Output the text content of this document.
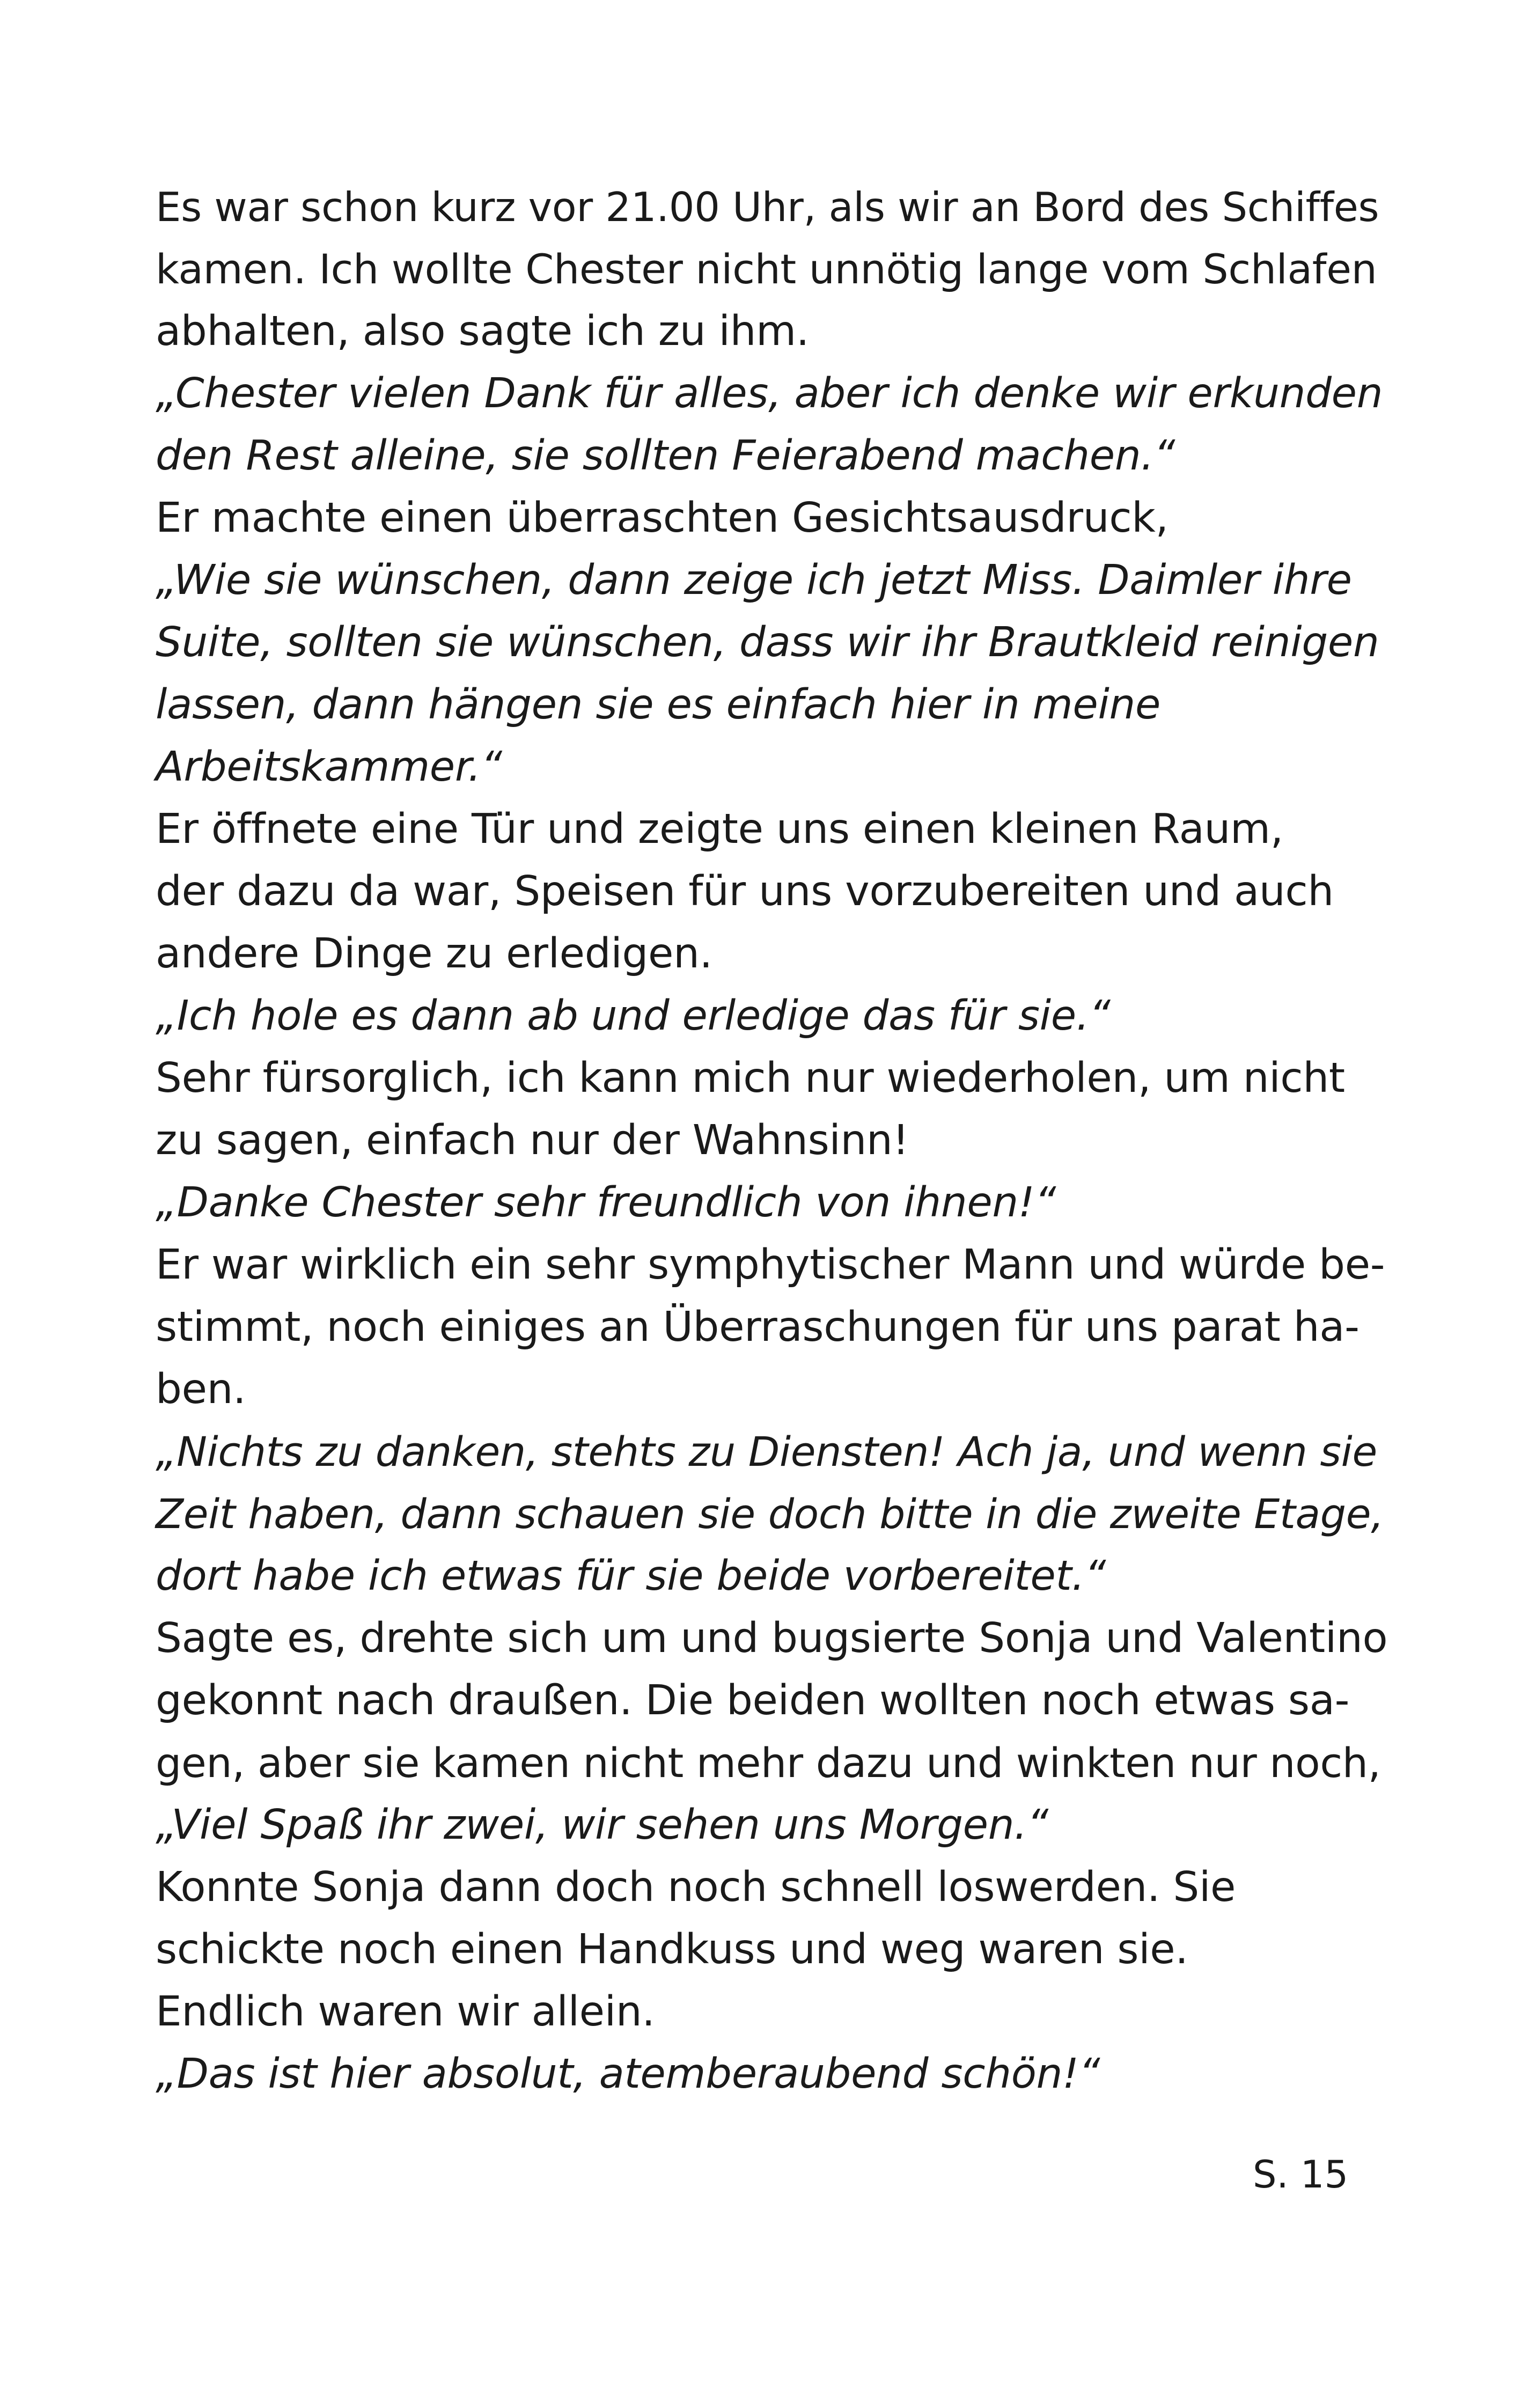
Es war schon kurz vor 21.00 Uhr, als wir an Bord des Schiffes
kamen. Ich wollte Chester nicht unnötig lange vom Schlafen
abhalten, also sagte ich zu ihm.
„Chester vielen Dank für alles, aber ich denke wir erkunden
den Rest alleine, sie sollten Feierabend machen.“
Er machte einen überraschten Gesichtsausdruck,
„Wie sie wünschen, dann zeige ich jetzt Miss. Daimler ihre
Suite, sollten sie wünschen, dass wir ihr Brautkleid reinigen
lassen, dann hängen sie es einfach hier in meine
Arbeitskammer.“
Er öffnete eine Tür und zeigte uns einen kleinen Raum,
der dazu da war, Speisen für uns vorzubereiten und auch
andere Dinge zu erledigen.
„Ich hole es dann ab und erledige das für sie.“
Sehr fürsorglich, ich kann mich nur wiederholen, um nicht
zu sagen, einfach nur der Wahnsinn!
„Danke Chester sehr freundlich von ihnen!“
Er war wirklich ein sehr symphytischer Mann und würde be-
stimmt, noch einiges an Überraschungen für uns parat ha-
ben.
„Nichts zu danken, stehts zu Diensten! Ach ja, und wenn sie
Zeit haben, dann schauen sie doch bitte in die zweite Etage,
dort habe ich etwas für sie beide vorbereitet.“
Sagte es, drehte sich um und bugsierte Sonja und Valentino
gekonnt nach draußen. Die beiden wollten noch etwas sa-
gen, aber sie kamen nicht mehr dazu und winkten nur noch,
„Viel Spaß ihr zwei, wir sehen uns Morgen.“
Konnte Sonja dann doch noch schnell loswerden. Sie
schickte noch einen Handkuss und weg waren sie.
Endlich waren wir allein.
„Das ist hier absolut, atemberaubend schön!“
S. 15
